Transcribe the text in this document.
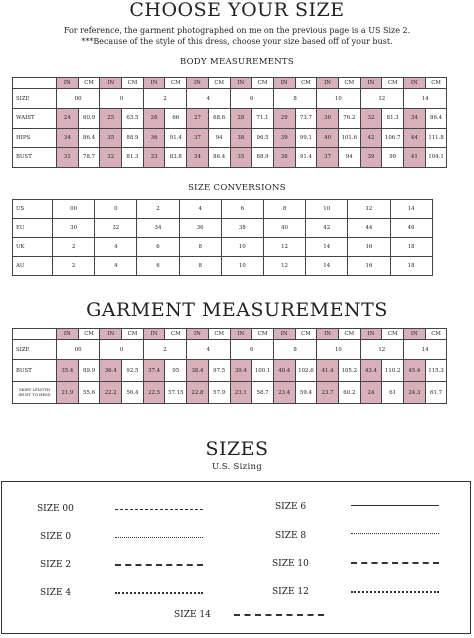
CHOOSE YOUR SIZE
For reference, the garment photographed on me on the previous page is a US Size 2.
***Because of the style of this dress, choose your size based off of your bust.
BODY MEASUREMENTS
	IN	CM	IN	CM	IN	CM	IN	CM	IN	CM	IN	CM	IN	CM	IN	CM	IN	CM
SIZE	00		0		2		4		6		8		10		12		14	
WAIST	24	60.9	25	63.5	26	66	27	68.6	28	71.1	29	73.7	30	76.2	32	81.3	34	86.4
HIPS	34	86.4	35	88.9	36	91.4	37	94	38	96.5	39	99.1	40	101.6	42	106.7	44	111.8
BUST	31	78.7	32	81.3	33	83.8	34	86.4	35	88.9	36	91.4	37	94	39	99	41	104.1
SIZE CONVERSIONS
US	00	0	2	4	6	8	10	12	14
EU	30	32	34	36	38	40	42	44	46
UK	2	4	6	8	10	12	14	16	18
AU	2	4	6	8	10	12	14	16	18
GARMENT MEASUREMENTS
	IN	CM	IN	CM	IN	CM	IN	CM	IN	CM	IN	CM	IN	CM	IN	CM	IN	CM
SIZE	00		0		2		4		6		8		10		12		14	
BUST	35.4	89.9	36.4	92.5	37.4	95	38.4	97.5	39.4	100.1	40.4	102.6	41.4	105.2	43.4	110.2	45.4	115.3

SKIRT LENGTH
(BUST TO HEM)	21.9	55.6	22.2	56.4	22.5	57.15	22.8	57.9	23.1	58.7	23.4	59.4	23.7	60.2	24	61	24.3	61.7
SIZES
U.S. Sizing
SIZE 00
SIZE 0
SIZE 2
SIZE 4
SIZE 6
SIZE 8
SIZE 10
SIZE 12
SIZE 14
